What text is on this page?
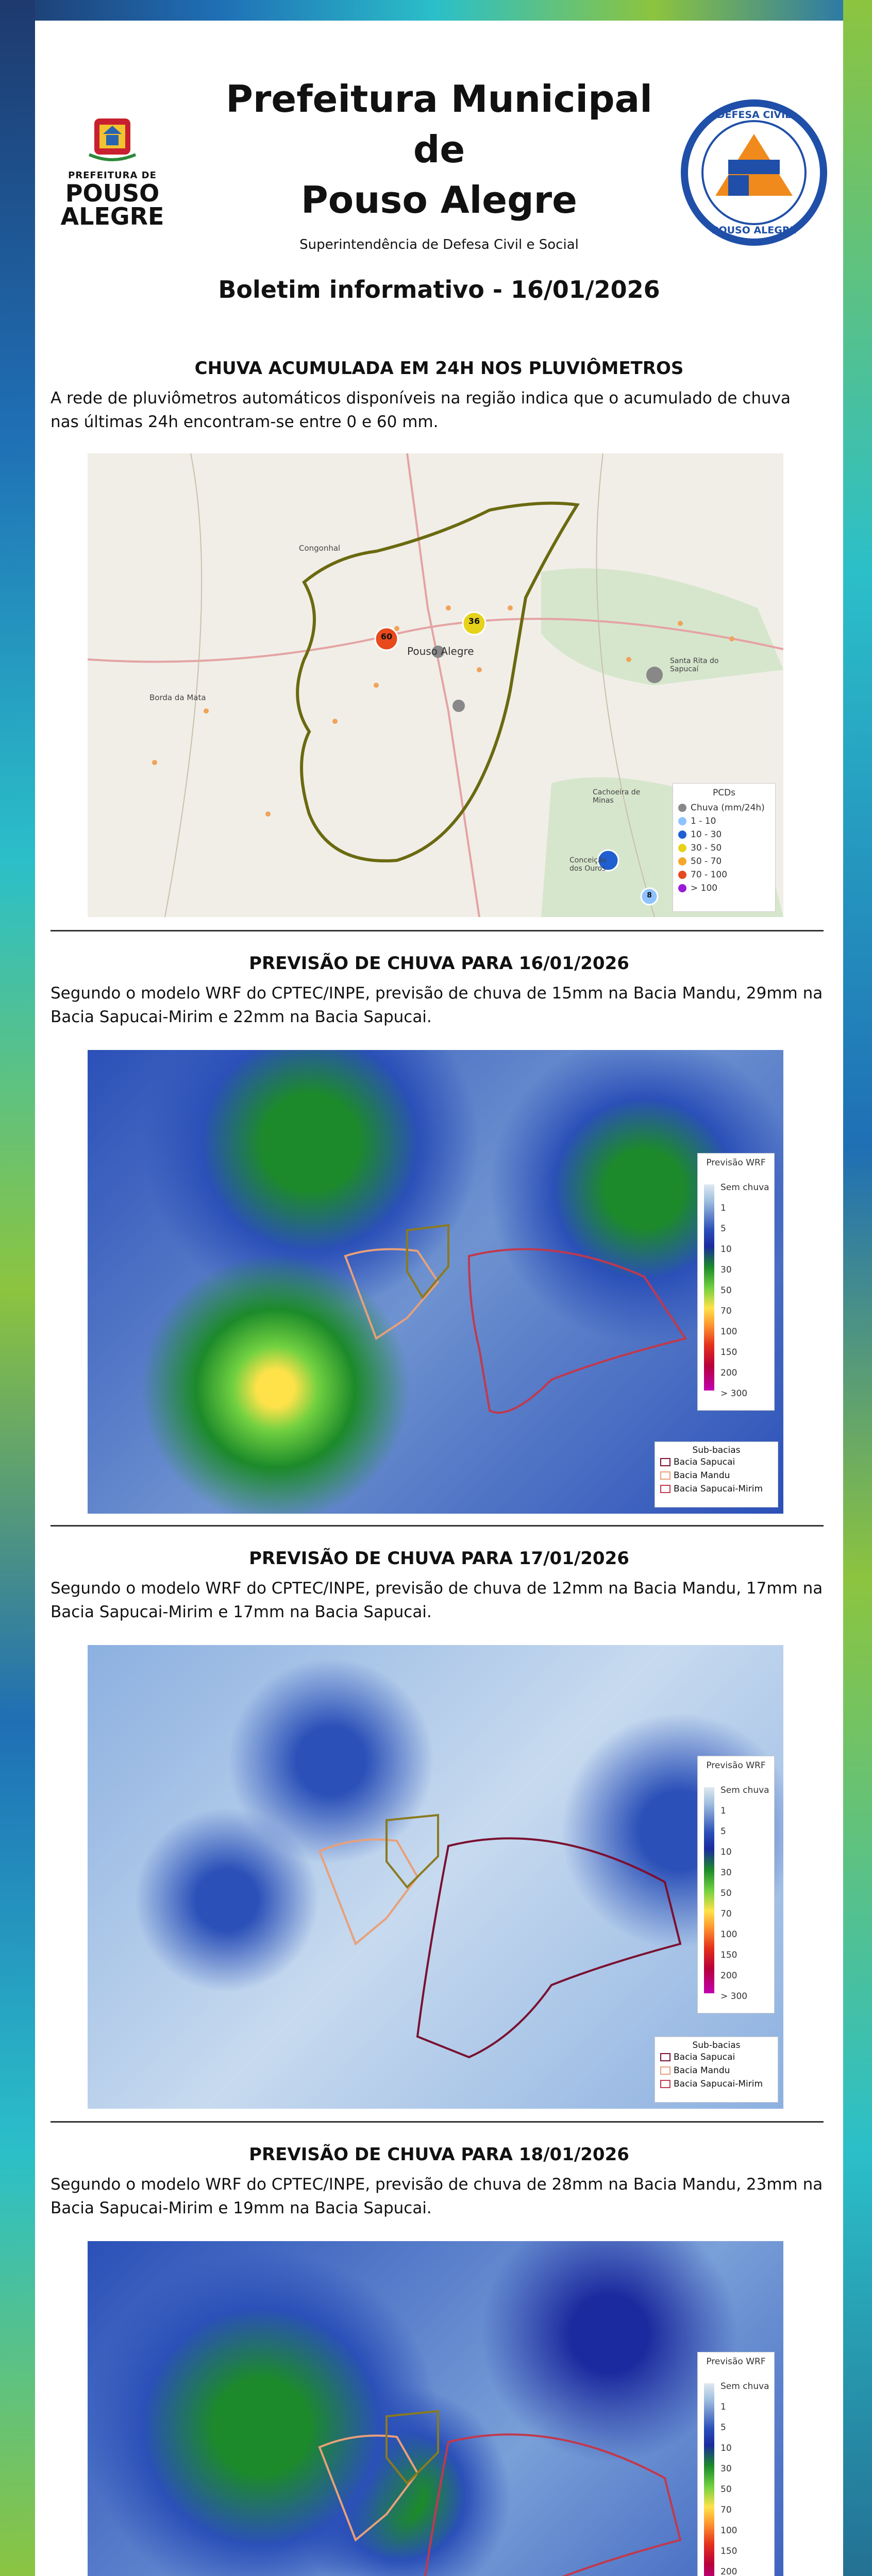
PREFEITURA DE
POUSO
ALEGRE
Prefeitura Municipal
de
Pouso Alegre
Superintendência de Defesa Civil e Social
DEFESA CIVIL
POUSO ALEGRE
Boletim informativo - 16/01/2026
CHUVA ACUMULADA EM 24H NOS PLUVIÔMETROS
A rede de pluviômetros automáticos disponíveis na região indica que o acumulado de chuva nas últimas 24h encontram-se entre 0 e 60 mm.
60
36
8
Pouso Alegre
Congonhal
Borda da Mata
Santa Rita do Sapucaí
Cachoeira de Minas
Conceição dos Ouros
PCDs
Chuva (mm/24h)
1 - 10
10 - 30
30 - 50
50 - 70
70 - 100
> 100
PREVISÃO DE CHUVA PARA 16/01/2026
Segundo o modelo WRF do CPTEC/INPE, previsão de chuva de 15mm na Bacia Mandu, 29mm na Bacia Sapucai-Mirim e 22mm na Bacia Sapucai.
Previsão WRF
Sem chuva
1
5
10
30
50
70
100
150
200
> 300
Sub-bacias
Bacia Sapucai
Bacia Mandu
Bacia Sapucai-Mirim
PREVISÃO DE CHUVA PARA 17/01/2026
Segundo o modelo WRF do CPTEC/INPE, previsão de chuva de 12mm na Bacia Mandu, 17mm na Bacia Sapucai-Mirim e 17mm na Bacia Sapucai.
Previsão WRF
Sem chuva
1
5
10
30
50
70
100
150
200
> 300
Sub-bacias
Bacia Sapucai
Bacia Mandu
Bacia Sapucai-Mirim
PREVISÃO DE CHUVA PARA 18/01/2026
Segundo o modelo WRF do CPTEC/INPE, previsão de chuva de 28mm na Bacia Mandu, 23mm na Bacia Sapucai-Mirim e 19mm na Bacia Sapucai.
Previsão WRF
Sem chuva
1
5
10
30
50
70
100
150
200
